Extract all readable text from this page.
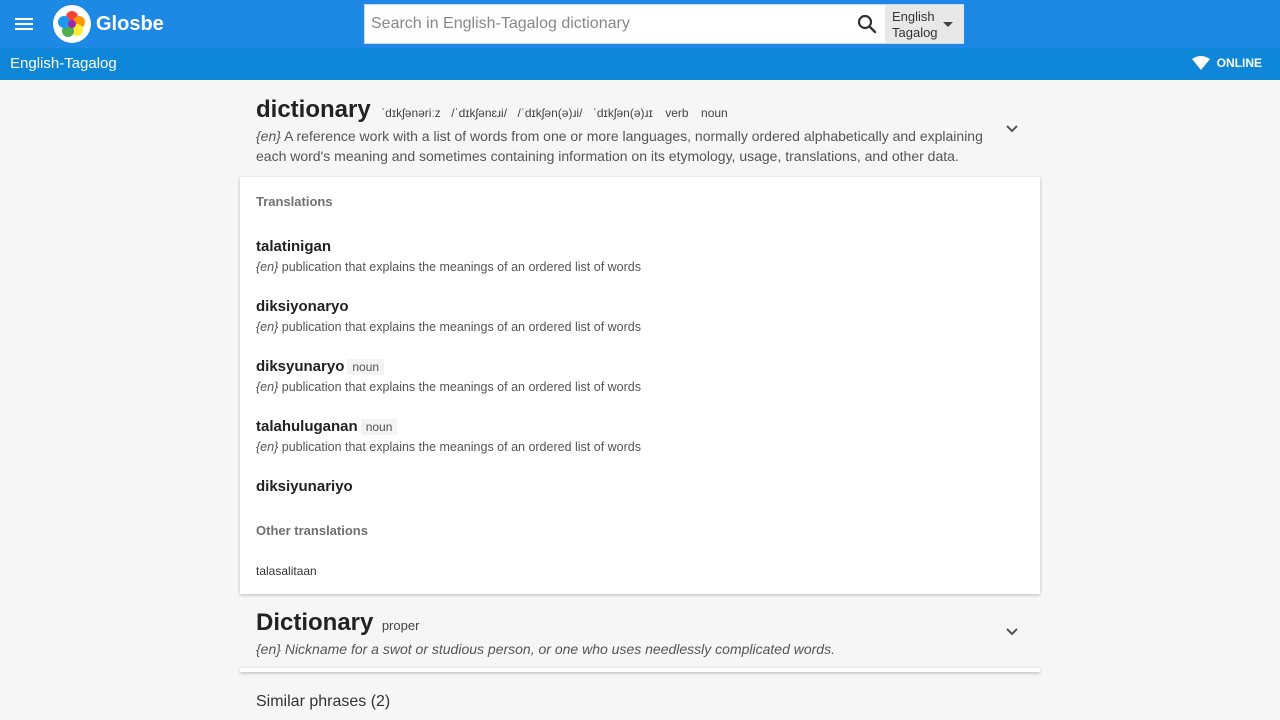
Glosbe
Search in English-Tagalog dictionary	English
Tagalog
English-Tagalog	ONLINE
dictionary ˈdɪkʃənəriːz /ˈdɪkʃənɛɹi/ /ˈdɪkʃən(ə)ɹi/ ˈdɪkʃən(ə)ɹɪ verb noun
{en} A reference work with a list of words from one or more languages, normally ordered alphabetically and explaining each word's meaning and sometimes containing information on its etymology, usage, translations, and other data.
Translations
talatinigan
{en} publication that explains the meanings of an ordered list of words
diksiyonaryo
{en} publication that explains the meanings of an ordered list of words
diksyunaryo noun
{en} publication that explains the meanings of an ordered list of words
talahuluganan noun
{en} publication that explains the meanings of an ordered list of words
diksiyunariyo
Other translations
talasalitaan
Dictionary proper
{en} Nickname for a swot or studious person, or one who uses needlessly complicated words.
Similar phrases (2)
